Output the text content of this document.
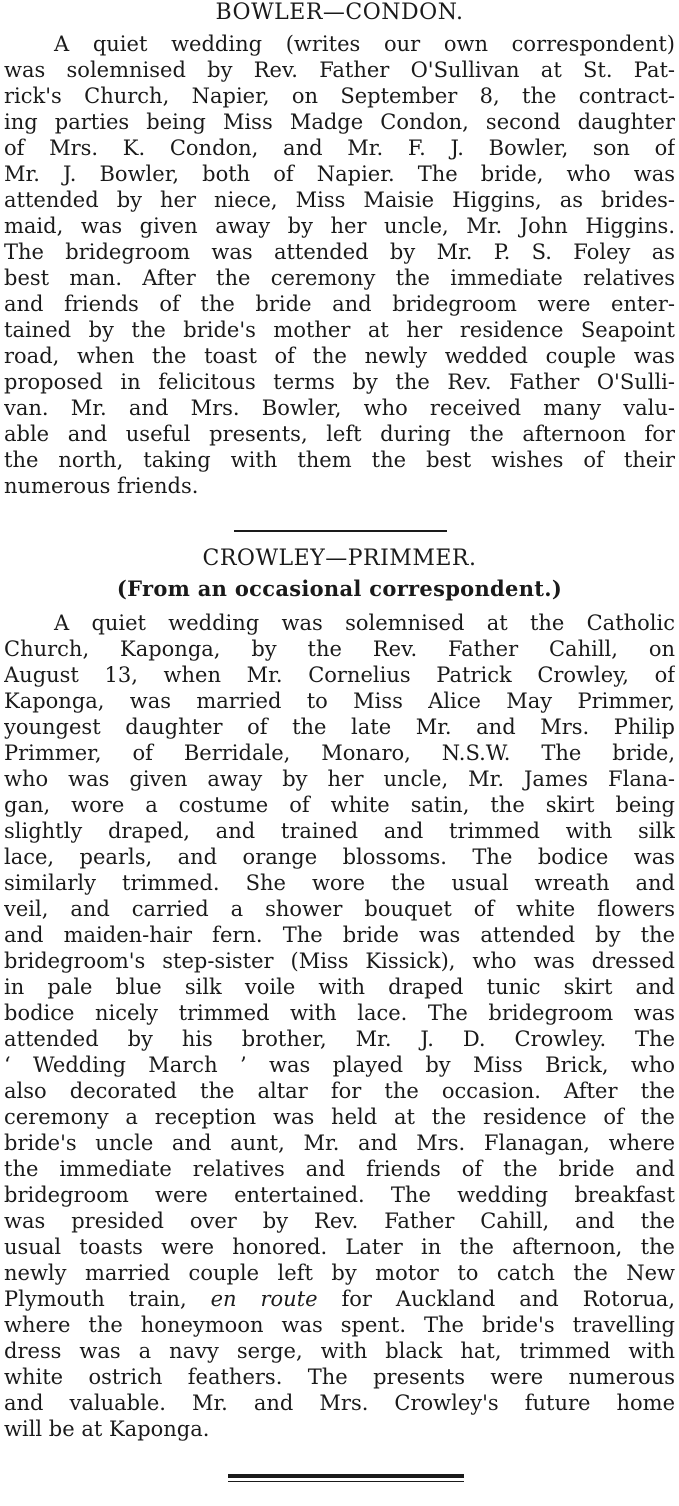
BOWLER—CONDON.
A quiet wedding (writes our own correspondent)
was solemnised by Rev. Father O'Sullivan at St. Pat-
rick's Church, Napier, on September 8, the contract-
ing parties being Miss Madge Condon, second daughter
of Mrs. K. Condon, and Mr. F. J. Bowler, son of
Mr. J. Bowler, both of Napier. The bride, who was
attended by her niece, Miss Maisie Higgins, as brides-
maid, was given away by her uncle, Mr. John Higgins.
The bridegroom was attended by Mr. P. S. Foley as
best man. After the ceremony the immediate relatives
and friends of the bride and bridegroom were enter-
tained by the bride's mother at her residence Seapoint
road, when the toast of the newly wedded couple was
proposed in felicitous terms by the Rev. Father O'Sulli-
van. Mr. and Mrs. Bowler, who received many valu-
able and useful presents, left during the afternoon for
the north, taking with them the best wishes of their
numerous friends.
CROWLEY—PRIMMER.
(From an occasional correspondent.)
A quiet wedding was solemnised at the Catholic
Church, Kaponga, by the Rev. Father Cahill, on
August 13, when Mr. Cornelius Patrick Crowley, of
Kaponga, was married to Miss Alice May Primmer,
youngest daughter of the late Mr. and Mrs. Philip
Primmer, of Berridale, Monaro, N.S.W. The bride,
who was given away by her uncle, Mr. James Flana-
gan, wore a costume of white satin, the skirt being
slightly draped, and trained and trimmed with silk
lace, pearls, and orange blossoms. The bodice was
similarly trimmed. She wore the usual wreath and
veil, and carried a shower bouquet of white flowers
and maiden-hair fern. The bride was attended by the
bridegroom's step-sister (Miss Kissick), who was dressed
in pale blue silk voile with draped tunic skirt and
bodice nicely trimmed with lace. The bridegroom was
attended by his brother, Mr. J. D. Crowley. The
‘ Wedding March ’ was played by Miss Brick, who
also decorated the altar for the occasion. After the
ceremony a reception was held at the residence of the
bride's uncle and aunt, Mr. and Mrs. Flanagan, where
the immediate relatives and friends of the bride and
bridegroom were entertained. The wedding breakfast
was presided over by Rev. Father Cahill, and the
usual toasts were honored. Later in the afternoon, the
newly married couple left by motor to catch the New
Plymouth train, en route for Auckland and Rotorua,
where the honeymoon was spent. The bride's travelling
dress was a navy serge, with black hat, trimmed with
white ostrich feathers. The presents were numerous
and valuable. Mr. and Mrs. Crowley's future home
will be at Kaponga.
